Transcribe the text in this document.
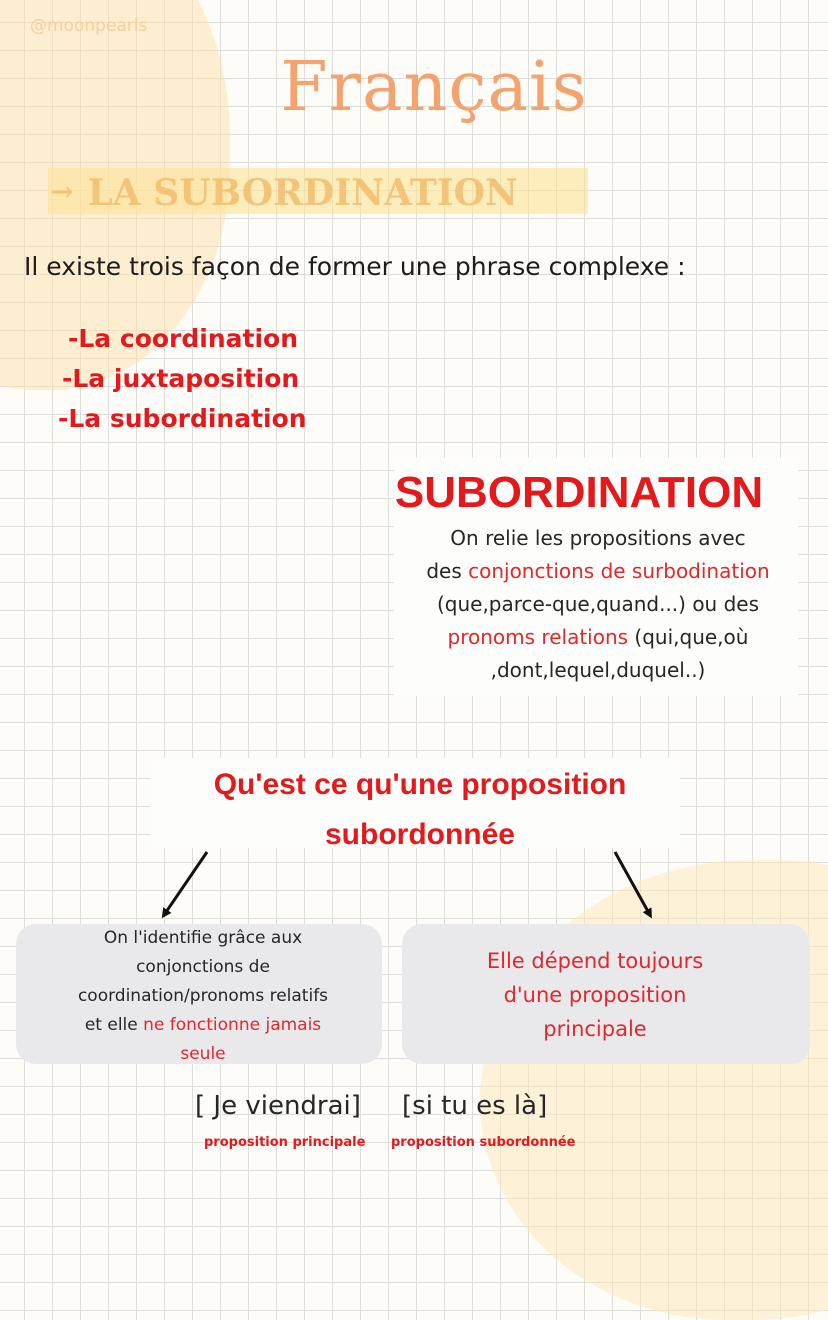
@moonpearls
Français
→ LA SUBORDINATION
Il existe trois façon de former une phrase complexe :
-La coordination
-La juxtaposition
-La subordination
SUBORDINATION
On relie les propositions avec
des conjonctions de surbodination
(que,parce-que,quand...) ou des
pronoms relations (qui,que,où
,dont,lequel,duquel..)
Qu'est ce qu'une proposition
subordonnée
On l'identifie grâce aux
conjonctions de
coordination/pronoms relatifs
et elle ne fonctionne jamais
seule
Elle dépend toujours
d'une proposition
principale
[ Je viendrai] [si tu es là]
proposition principale proposition subordonnée
